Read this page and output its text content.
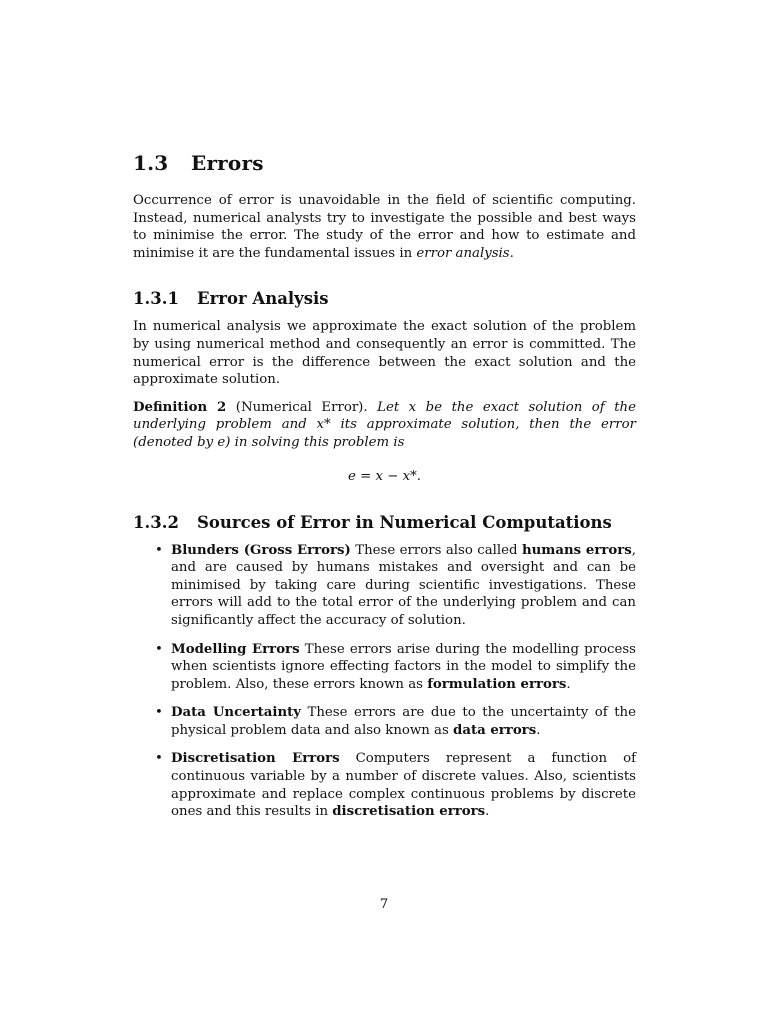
1.3 Errors

Occurrence of error is unavoidable in the field of scientific computing. Instead, numerical analysts try to investigate the possible and best ways to minimise the error. The study of the error and how to estimate and minimise it are the fundamental issues in error analysis.

1.3.1 Error Analysis

In numerical analysis we approximate the exact solution of the problem by using numerical method and consequently an error is committed. The numerical error is the difference between the exact solution and the approximate solution.

Definition 2 (Numerical Error). Let x be the exact solution of the underlying problem and x* its approximate solution, then the error (denoted by e) in solving this problem is

e = x − x*.
1.3.2 Sources of Error in Numerical Computations
• Blunders (Gross Errors) These errors also called humans errors, and are caused by humans mistakes and oversight and can be minimised by taking care during scientific investigations. These errors will add to the total error of the underlying problem and can significantly affect the accuracy of solution.
• Modelling Errors These errors arise during the modelling process when scientists ignore effecting factors in the model to simplify the problem. Also, these errors known as formulation errors.
• Data Uncertainty These errors are due to the uncertainty of the physical problem data and also known as data errors.
• Discretisation Errors Computers represent a function of continuous variable by a number of discrete values. Also, scientists approximate and replace complex continuous problems by discrete ones and this results in discretisation errors.
7
